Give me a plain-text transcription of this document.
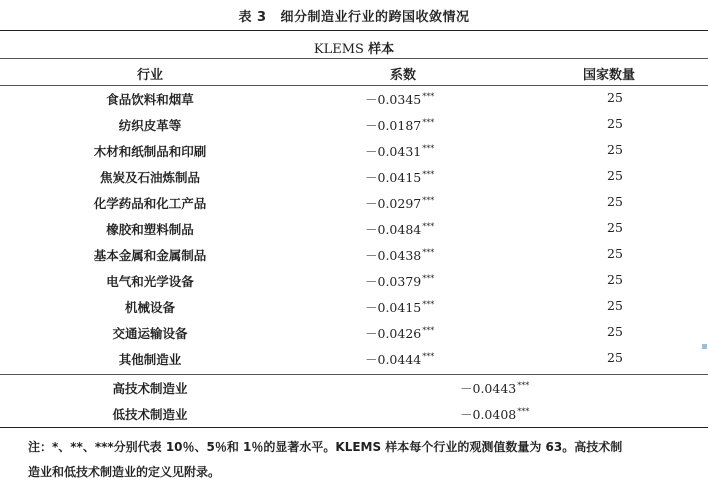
表 3 细分制造业行业的跨国收敛情况
KLEMS 样本
行业	系数	国家数量
食品饮料和烟草	－0.0345***	25
纺织皮革等	－0.0187***	25
木材和纸制品和印刷	－0.0431***	25
焦炭及石油炼制品	－0.0415***	25
化学药品和化工产品	－0.0297***	25
橡胶和塑料制品	－0.0484***	25
基本金属和金属制品	－0.0438***	25
电气和光学设备	－0.0379***	25
机械设备	－0.0415***	25
交通运输设备	－0.0426***	25
其他制造业	－0.0444***	25
高技术制造业	－0.0443***
低技术制造业	－0.0408***
注：*、**、***分别代表 10％、5％和 1％的显著水平。KLEMS 样本每个行业的观测值数量为 63。高技术制
造业和低技术制造业的定义见附录。
